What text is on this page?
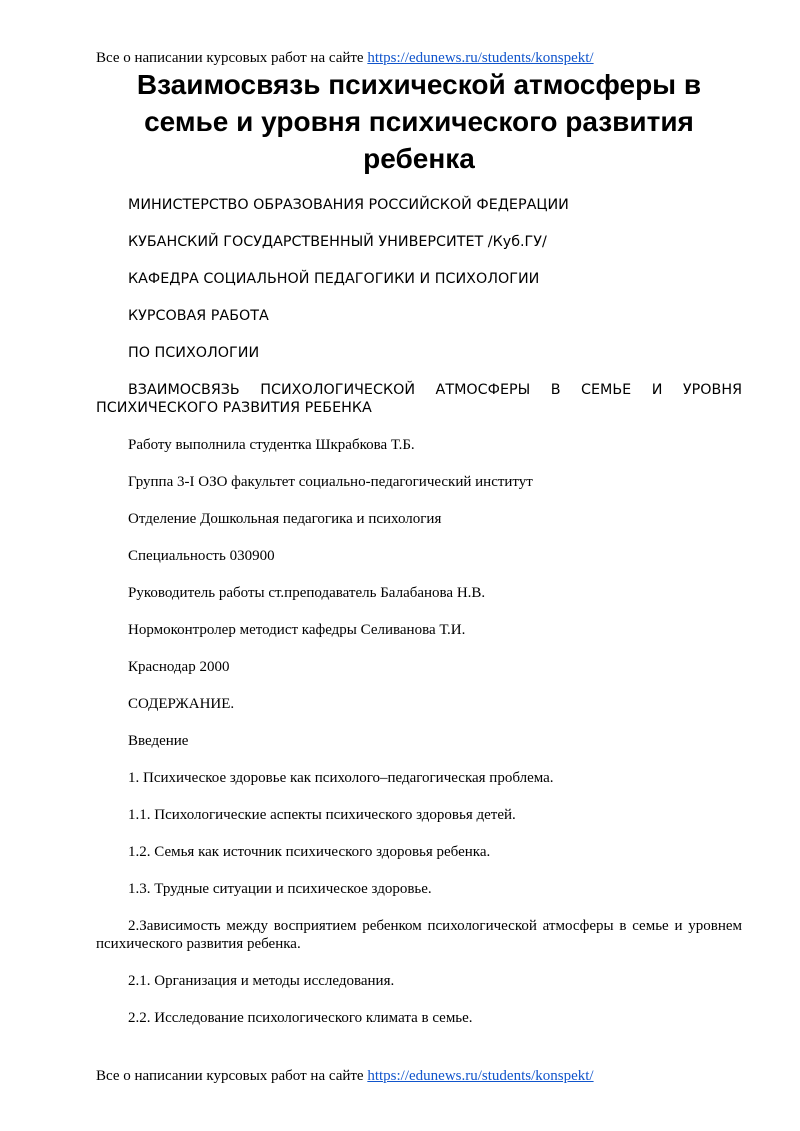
Все о написании курсовых работ на сайте https://edunews.ru/students/konspekt/
Взаимосвязь психической атмосферы в семье и уровня психического развития ребенка

МИНИСТЕРСТВО ОБРАЗОВАНИЯ РОССИЙСКОЙ ФЕДЕРАЦИИ

КУБАНСКИЙ ГОСУДАРСТВЕННЫЙ УНИВЕРСИТЕТ /Куб.ГУ/

КАФЕДРА СОЦИАЛЬНОЙ ПЕДАГОГИКИ И ПСИХОЛОГИИ

КУРСОВАЯ РАБОТА

ПО ПСИХОЛОГИИ

ВЗАИМОСВЯЗЬ ПСИХОЛОГИЧЕСКОЙ АТМОСФЕРЫ В СЕМЬЕ И УРОВНЯ ПСИХИЧЕСКОГО РАЗВИТИЯ РЕБЕНКА

Работу выполнила студентка Шкрабкова Т.Б.

Группа 3-I ОЗО факультет социально-педагогический институт

Отделение Дошкольная педагогика и психология

Специальность 030900

Руководитель работы ст.преподаватель Балабанова Н.В.

Нормоконтролер методист кафедры Селиванова Т.И.

Краснодар 2000

СОДЕРЖАНИЕ.

Введение

1. Психическое здоровье как психолого–педагогическая проблема.

1.1. Психологические аспекты психического здоровья детей.

1.2. Семья как источник психического здоровья ребенка.

1.3. Трудные ситуации и психическое здоровье.

2.Зависимость между восприятием ребенком психологической атмосферы в семье и уровнем психического развития ребенка.

2.1. Организация и методы исследования.

2.2. Исследование психологического климата в семье.

Все о написании курсовых работ на сайте https://edunews.ru/students/konspekt/
